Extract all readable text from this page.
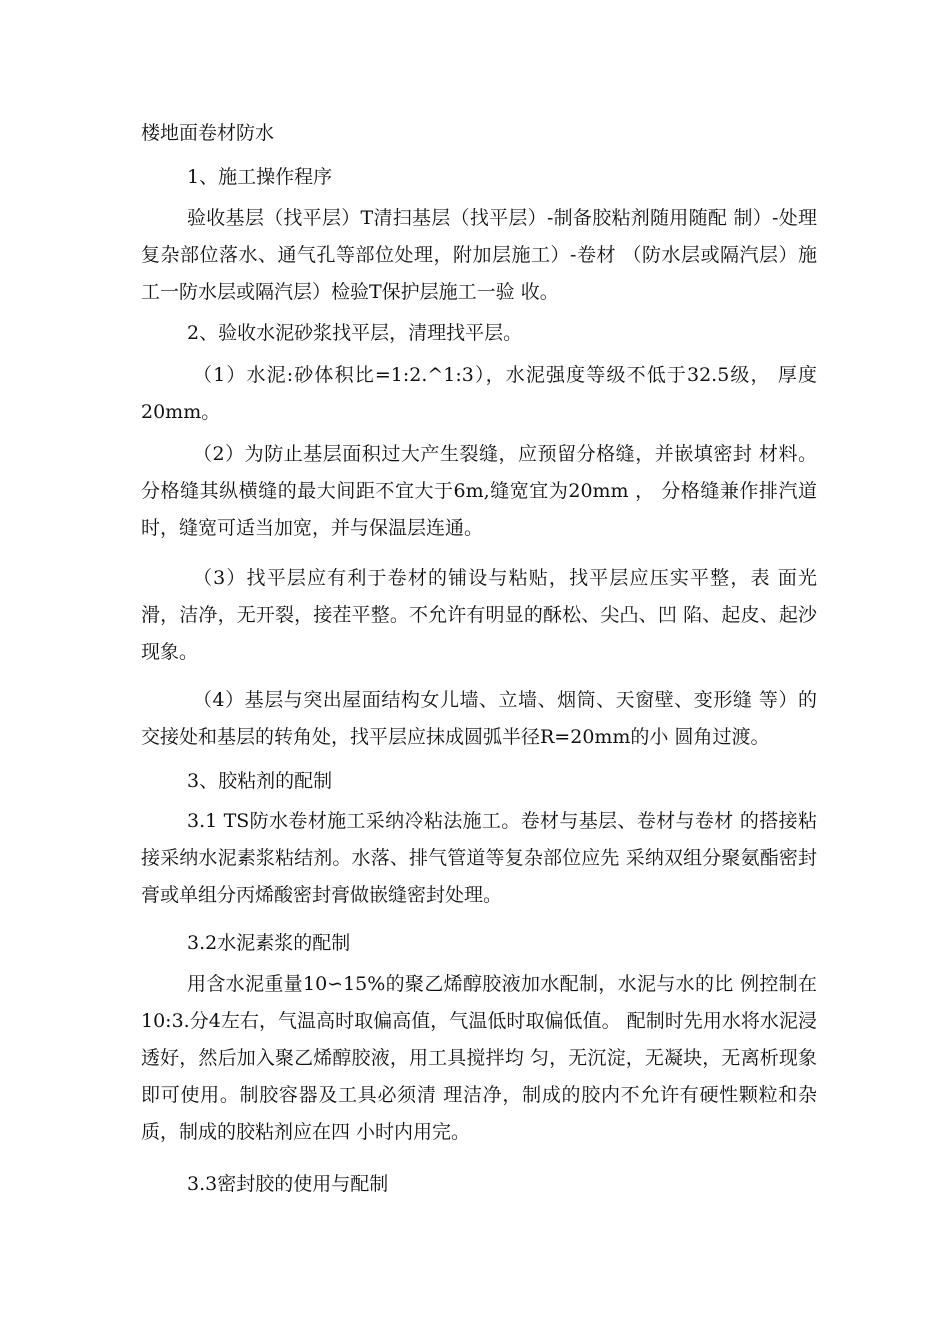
楼地面卷材防水

1、施工操作程序

验收基层（找平层）T清扫基层（找平层）-制备胶粘剂随用随配 制）-处理复杂部位落水、通气孔等部位处理，附加层施工）-卷材 （防水层或隔汽层）施工一防水层或隔汽层）检验T保护层施工一验 收。

2、验收水泥砂浆找平层，清理找平层。

（1）水泥:砂体积比=1:2.^1:3），水泥强度等级不低于32.5级， 厚度20mm。

（2）为防止基层面积过大产生裂缝，应预留分格缝，并嵌填密封 材料。分格缝其纵横缝的最大间距不宜大于6m,缝宽宜为20mm ， 分格缝兼作排汽道时，缝宽可适当加宽，并与保温层连通。

（3）找平层应有利于卷材的铺设与粘贴，找平层应压实平整，表 面光滑，洁净，无开裂，接茬平整。不允许有明显的酥松、尖凸、凹 陷、起皮、起沙现象。

（4）基层与突出屋面结构女儿墙、立墙、烟筒、天窗壁、变形缝 等）的交接处和基层的转角处，找平层应抹成圆弧半径R=20mm的小 圆角过渡。

3、胶粘剂的配制

3.1 TS防水卷材施工采纳冷粘法施工。卷材与基层、卷材与卷材 的搭接粘接采纳水泥素浆粘结剂。水落、排气管道等复杂部位应先 采纳双组分聚氨酯密封膏或单组分丙烯酸密封膏做嵌缝密封处理。

3.2水泥素浆的配制

用含水泥重量10∽15%的聚乙烯醇胶液加水配制，水泥与水的比 例控制在10:3.分4左右，气温高时取偏高值，气温低时取偏低值。 配制时先用水将水泥浸透好，然后加入聚乙烯醇胶液，用工具搅拌均 匀，无沉淀，无凝块，无离析现象即可使用。制胶容器及工具必须清 理洁净，制成的胶内不允许有硬性颗粒和杂质，制成的胶粘剂应在四 小时内用完。

3.3密封胶的使用与配制
